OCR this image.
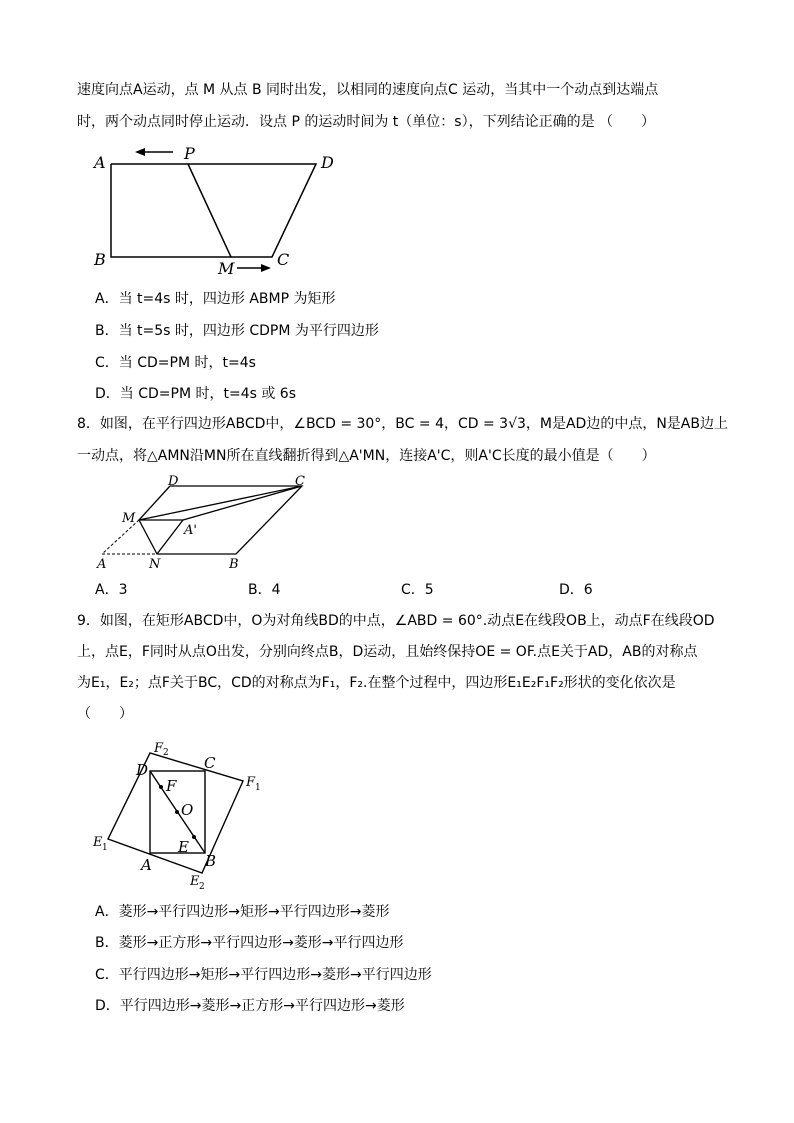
速度向点A运动，点 M 从点 B 同时出发，以相同的速度向点C 运动，当其中一个动点到达端点
时，两个动点同时停止运动．设点 P 的运动时间为 t（单位：s），下列结论正确的是 （　　）
A	P	D
B	M	C
A．当 t=4s 时，四边形 ABMP 为矩形
B．当 t=5s 时，四边形 CDPM 为平行四边形
C．当 CD=PM 时，t=4s
D．当 CD=PM 时，t=4s 或 6s
8．如图，在平行四边形ABCD中，∠BCD = 30°，BC = 4，CD = 3√3，M是AD边的中点，N是AB边上
一动点，将△AMN沿MN所在直线翻折得到△A'MN，连接A'C，则A'C长度的最小值是（　　）
D	C
M
A'
A	N	B
A．3	B．4	C．5	D．6
9．如图，在矩形ABCD中，O为对角线BD的中点，∠ABD = 60°.动点E在线段OB上，动点F在线段OD
上，点E，F同时从点O出发，分别向终点B，D运动，且始终保持OE = OF.点E关于AD，AB的对称点
为E₁，E₂；点F关于BC，CD的对称点为F₁，F₂.在整个过程中，四边形E₁E₂F₁F₂形状的变化依次是
（　　）
D	C
F
O
E
A	B
F 2
F 1
E 1
E 2
A．菱形→平行四边形→矩形→平行四边形→菱形
B．菱形→正方形→平行四边形→菱形→平行四边形
C．平行四边形→矩形→平行四边形→菱形→平行四边形
D．平行四边形→菱形→正方形→平行四边形→菱形
